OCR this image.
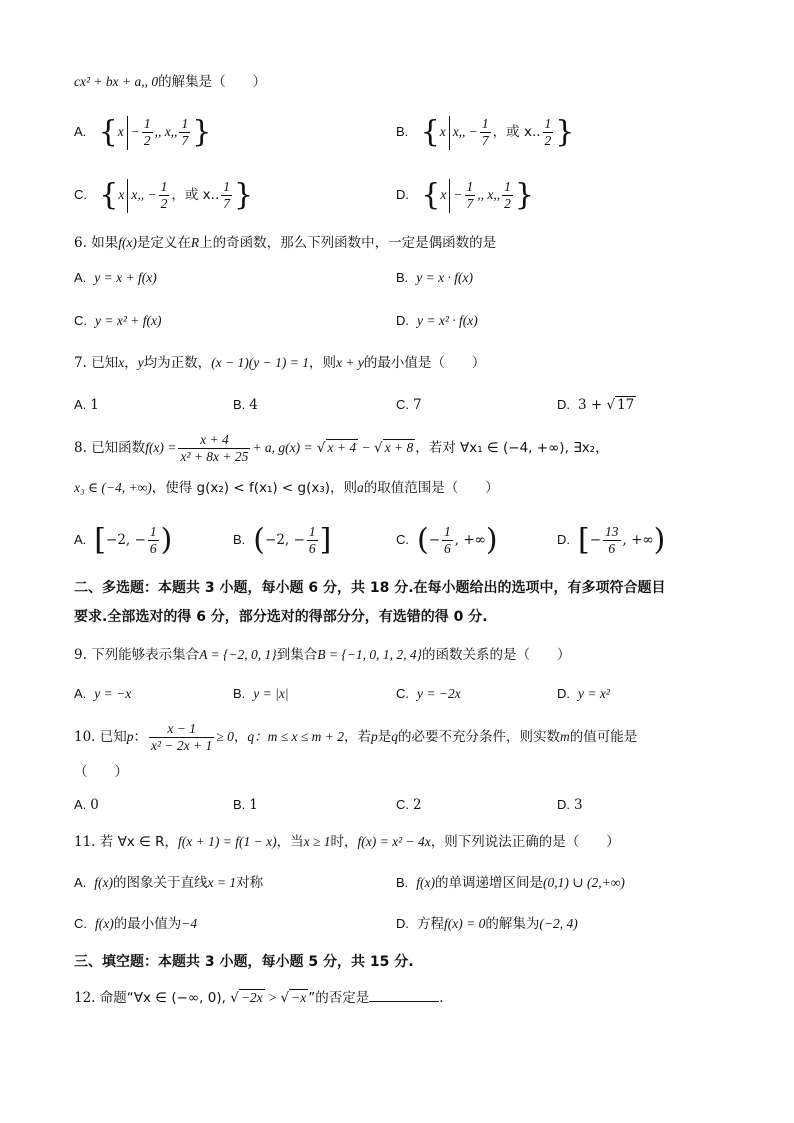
cx² + bx + a,, 0的解集是（　　）
A. {$x - \frac{1}{2}$ ,, x,, $\frac{1}{7}$ }	B. {x x,, − $\frac{1}{7}$ ，或 x.. $\frac{1}{2}$ }
C. {x x,, − $\frac{1}{2}$ ，或 x.. $\frac{1}{7}$ }	D. {$x - \frac{1}{7}$ ,, x,, $\frac{1}{2}$ }
6. 如果f(x)是定义在R上的奇函数，那么下列函数中，一定是偶函数的是
A. y = x + f(x)	B. y = x · f(x)
C. y = x² + f(x)	D. y = x² · f(x)
7. 已知x，y均为正数，(x − 1)(y − 1) = 1，则x + y的最小值是（　　）
A. 1	B. 4	C. 7	D. 3 + √ 17
8. 已知函数$f(x) = \frac{x + 4}{\text{x² + 8x + 25}} + a$, g(x) = √ x + 4 − √ x + 8 ，若对 ∀x₁ ∈ (−4, +∞), ∃x₂，
x₃ ∈ (−4, +∞)，使得 g(x₂) < f(x₁) < g(x₃)，则a的取值范围是（　　）
A. [−2, − $\frac{1}{6}$ )	B. (−2, − $\frac{1}{6}$ ]	C. (− $\frac{1}{6}$ , +∞)	D. [− $\frac{13}{6}$ , +∞)
二、多选题：本题共 3 小题，每小题 6 分，共 18 分.在每小题给出的选项中，有多项符合题目
要求.全部选对的得 6 分，部分选对的得部分分，有选错的得 0 分.
9. 下列能够表示集合A = {−2, 0, 1}到集合B = {−1, 0, 1, 2, 4}的函数关系的是（　　）
A. y = −x	B. y = |x|	C. y = −2x	D. y = x²
10. 已知p： $\frac{x - 1}{\text{x² − 2x + 1}} \ge 0$，q：m ≤ x ≤ m + 2，若p是q的必要不充分条件，则实数m的值可能是
（　　）
A. 0	B. 1	C. 2	D. 3
11. 若 ∀x ∈ R，f(x + 1) = f(1 − x)，当x ≥ 1时，f(x) = x² − 4x，则下列说法正确的是（　　）
A. f(x)的图象关于直线x = 1对称	B. f(x)的单调递增区间是(0,1) ∪ (2,+∞)
C. f(x)的最小值为−4	D. 方程f(x) = 0的解集为(−2, 4)
三、填空题：本题共 3 小题，每小题 5 分，共 15 分.
12. 命题“∀x ∈ (−∞, 0), √ −2x > √ −x ”的否定是	.
